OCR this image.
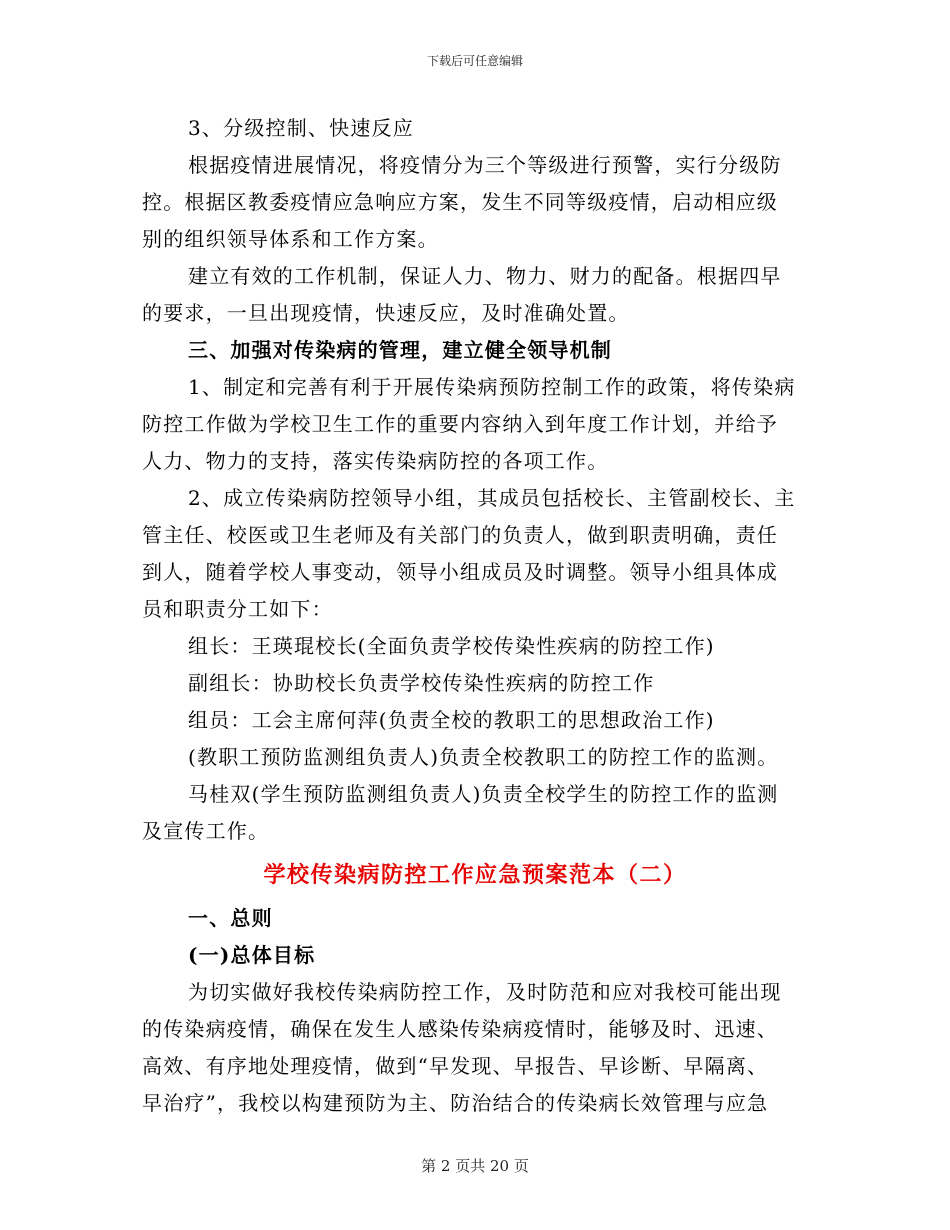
下载后可任意编辑
3、分级控制、快速反应
根据疫情进展情况，将疫情分为三个等级进行预警，实行分级防
控。根据区教委疫情应急响应方案，发生不同等级疫情，启动相应级
别的组织领导体系和工作方案。
建立有效的工作机制，保证人力、物力、财力的配备。根据四早
的要求，一旦出现疫情，快速反应，及时准确处置。
三、加强对传染病的管理，建立健全领导机制
1、制定和完善有利于开展传染病预防控制工作的政策，将传染病
防控工作做为学校卫生工作的重要内容纳入到年度工作计划，并给予
人力、物力的支持，落实传染病防控的各项工作。
2、成立传染病防控领导小组，其成员包括校长、主管副校长、主
管主任、校医或卫生老师及有关部门的负责人，做到职责明确，责任
到人，随着学校人事变动，领导小组成员及时调整。领导小组具体成
员和职责分工如下：
组长：王瑛琨校长(全面负责学校传染性疾病的防控工作)
副组长：协助校长负责学校传染性疾病的防控工作
组员：工会主席何萍(负责全校的教职工的思想政治工作)
(教职工预防监测组负责人)负责全校教职工的防控工作的监测。
马桂双(学生预防监测组负责人)负责全校学生的防控工作的监测
及宣传工作。
学校传染病防控工作应急预案范本（二）
一、总则
(一)总体目标
为切实做好我校传染病防控工作，及时防范和应对我校可能出现
的传染病疫情，确保在发生人感染传染病疫情时，能够及时、迅速、
高效、有序地处理疫情，做到“早发现、早报告、早诊断、早隔离、
早治疗”，我校以构建预防为主、防治结合的传染病长效管理与应急
第 2 页共 20 页
